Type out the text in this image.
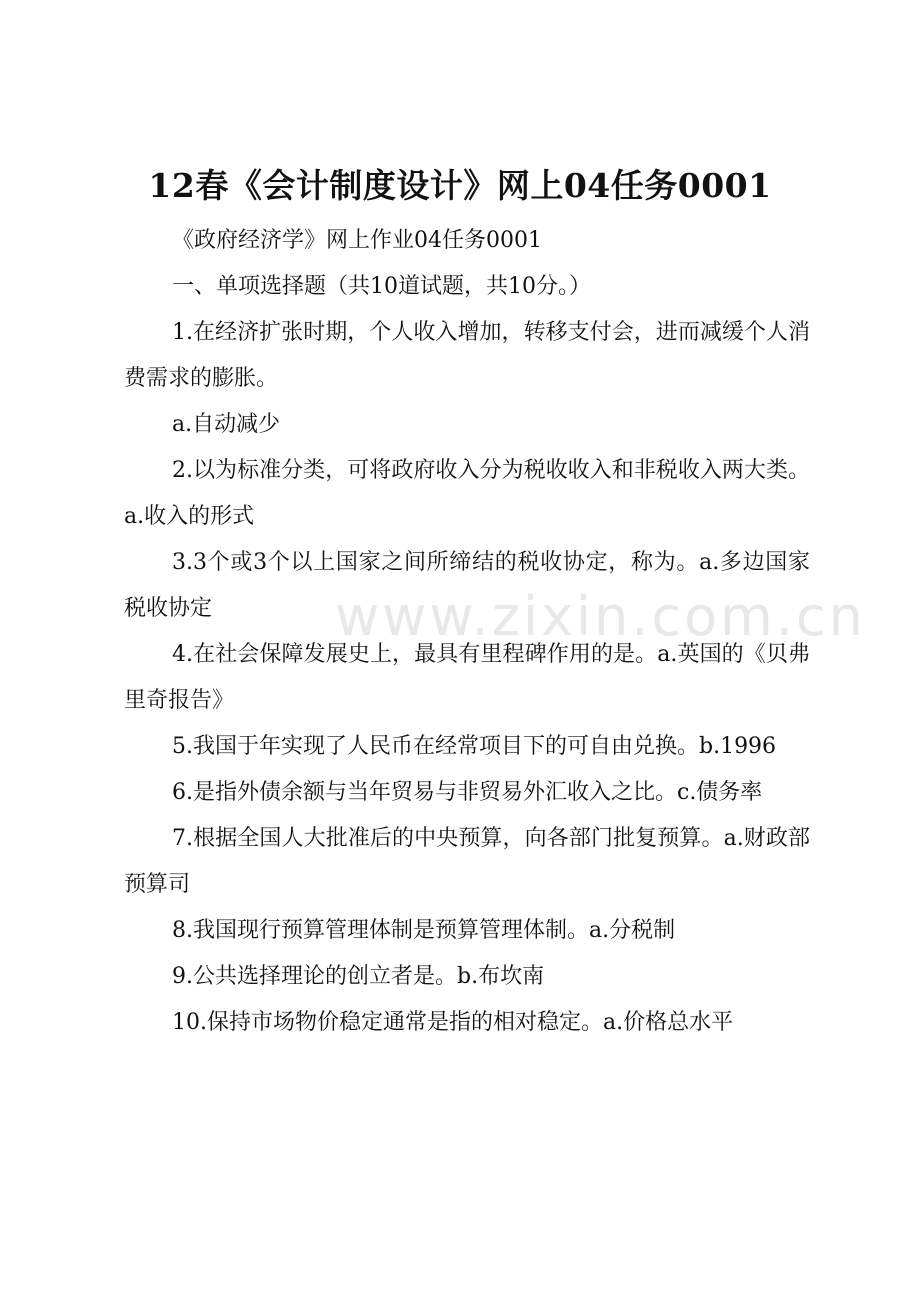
www.zixin.com.cn
12春《会计制度设计》网上04任务0001

《政府经济学》网上作业04任务0001

一、单项选择题（共10道试题，共10分。）

1.在经济扩张时期，个人收入增加，转移支付会，进而减缓个人消费需求的膨胀。

a.自动减少

2.以为标准分类，可将政府收入分为税收收入和非税收入两大类。a.收入的形式

3.3个或3个以上国家之间所缔结的税收协定，称为。a.多边国家税收协定

4.在社会保障发展史上，最具有里程碑作用的是。a.英国的《贝弗里奇报告》

5.我国于年实现了人民币在经常项目下的可自由兑换。b.1996

6.是指外债余额与当年贸易与非贸易外汇收入之比。c.债务率

7.根据全国人大批准后的中央预算，向各部门批复预算。a.财政部预算司

8.我国现行预算管理体制是预算管理体制。a.分税制

9.公共选择理论的创立者是。b.布坎南

10.保持市场物价稳定通常是指的相对稳定。a.价格总水平
